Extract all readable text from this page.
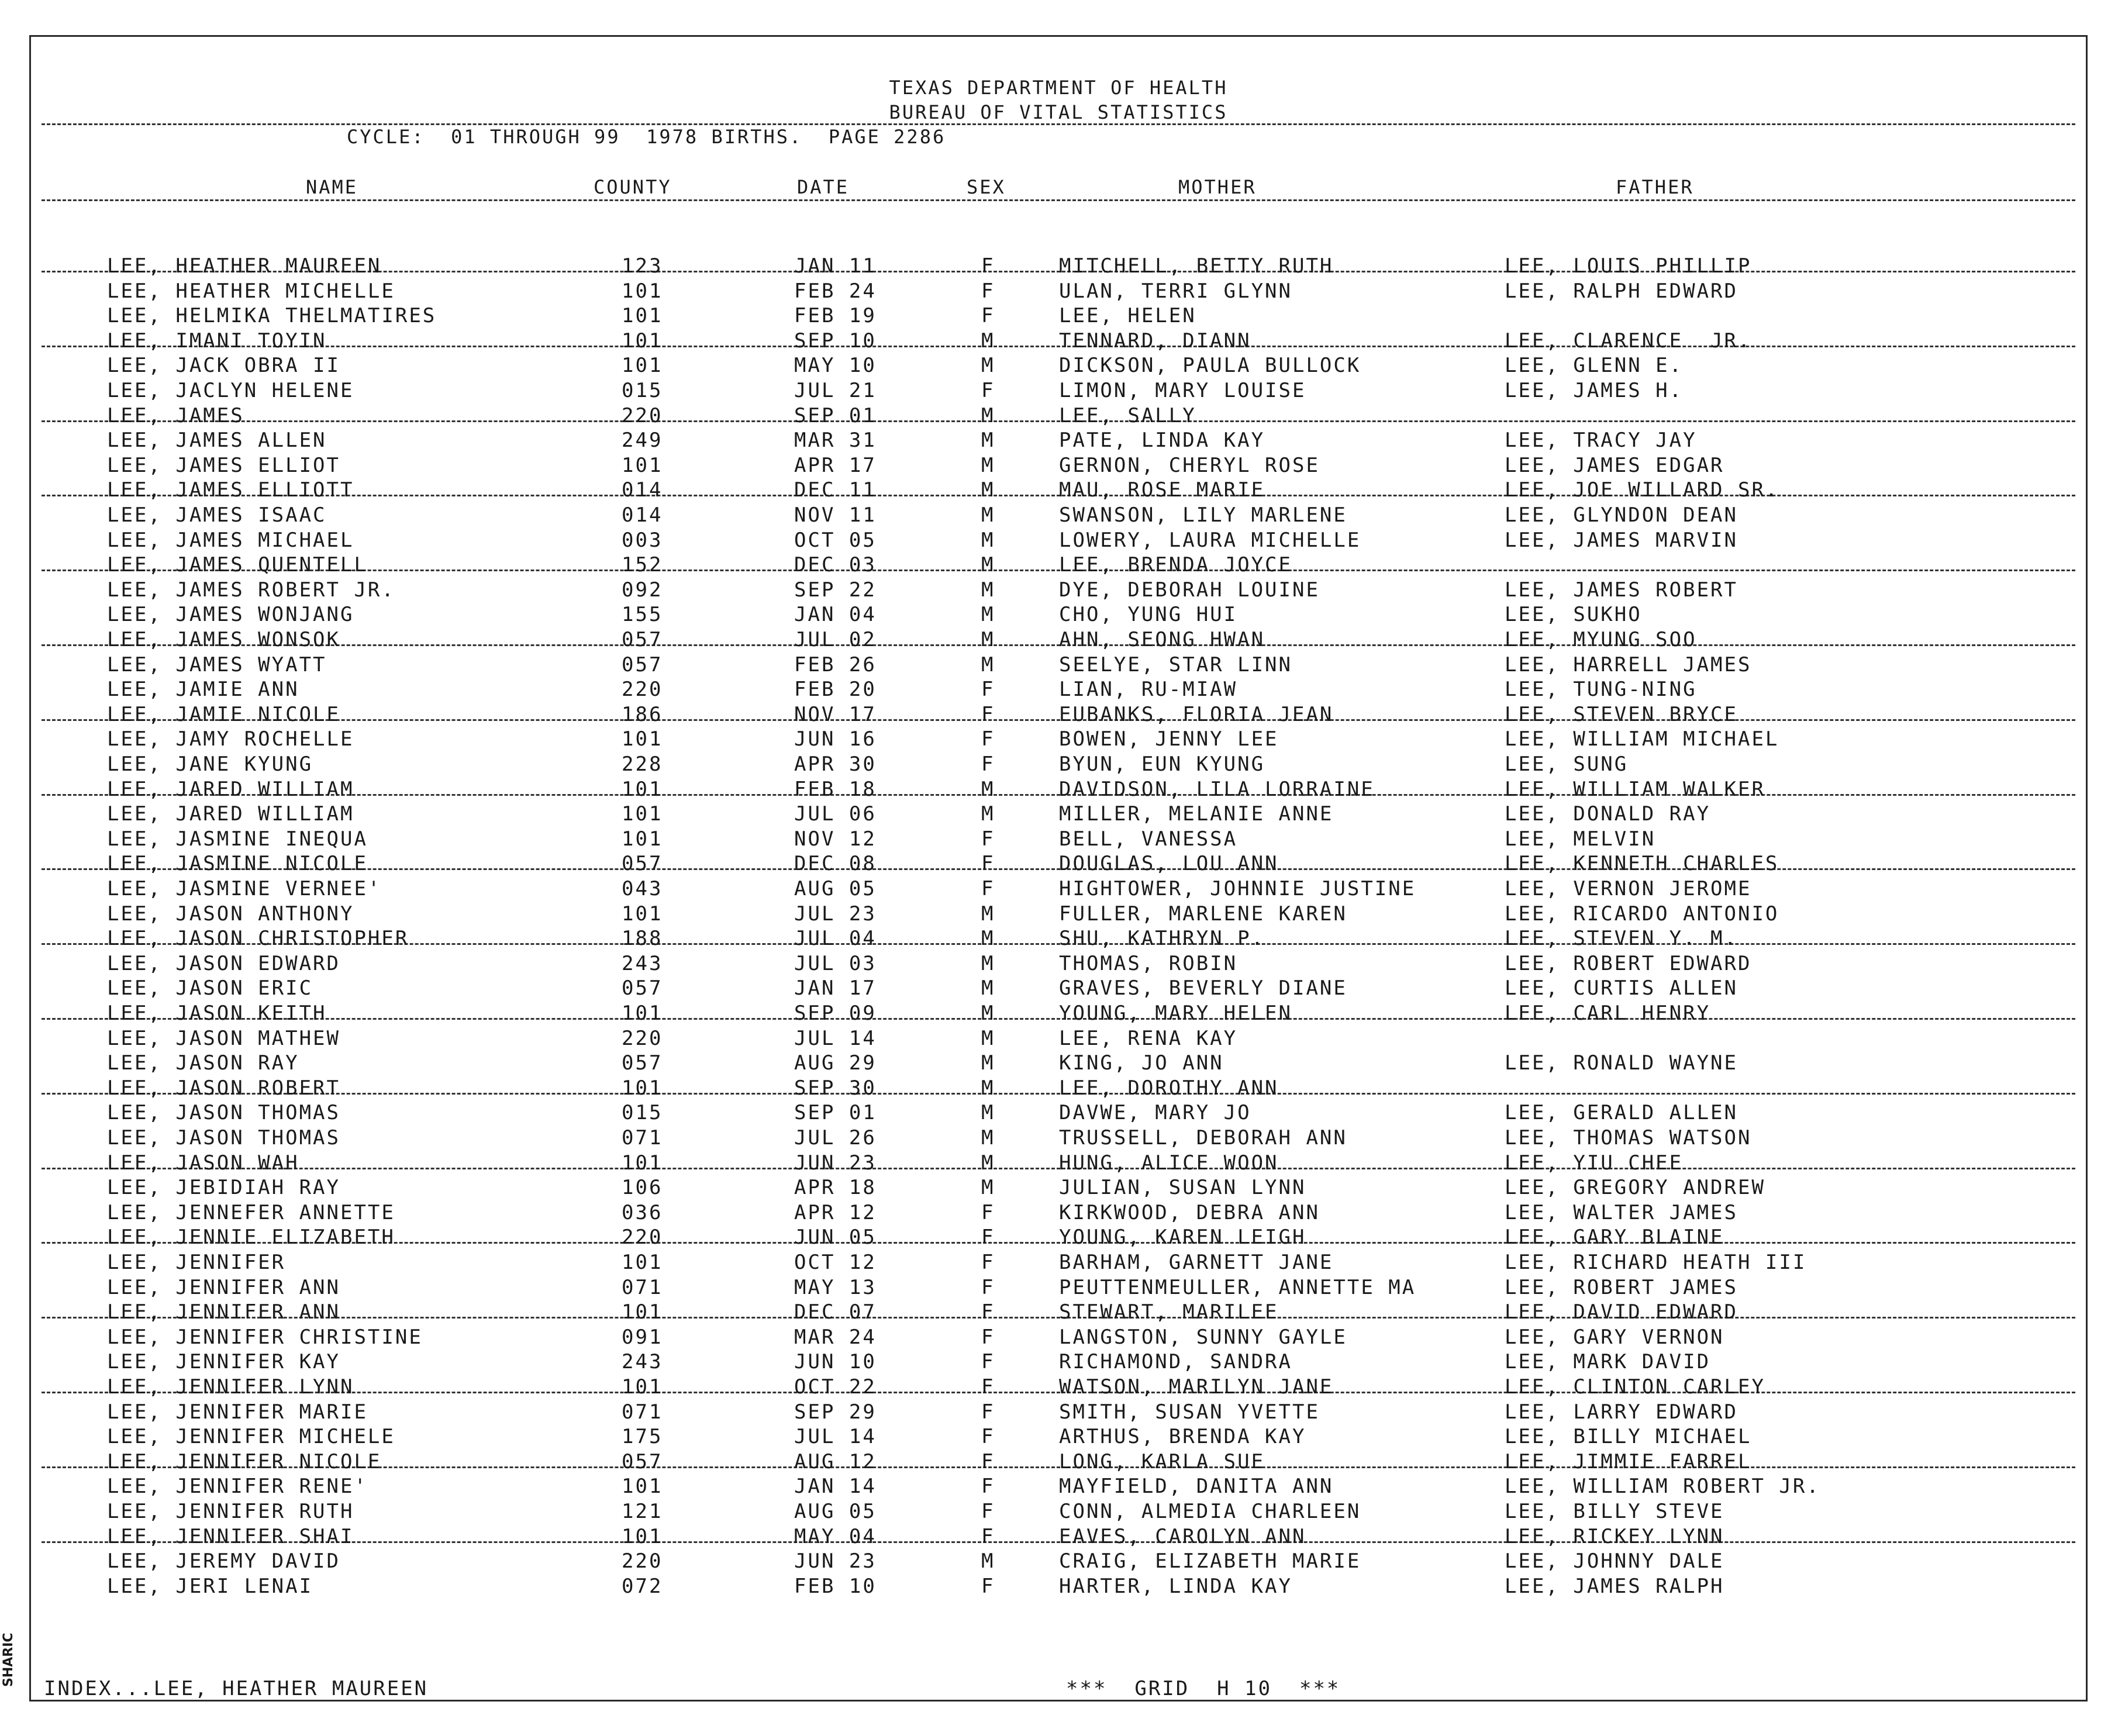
TEXAS DEPARTMENT OF HEALTH
BUREAU OF VITAL STATISTICS
CYCLE:  01 THROUGH 99  1978 BIRTHS.  PAGE 2286
NAME	COUNTY	DATE	SEX	MOTHER	FATHER
LEE, HEATHER MAUREEN	123	JAN 11	F	MITCHELL, BETTY RUTH	LEE, LOUIS PHILLIP
LEE, HEATHER MICHELLE	101	FEB 24	F	ULAN, TERRI GLYNN	LEE, RALPH EDWARD
LEE, HELMIKA THELMATIRES	101	FEB 19	F	LEE, HELEN
LEE, IMANI TOYIN	101	SEP 10	M	TENNARD, DIANN	LEE, CLARENCE  JR.
LEE, JACK OBRA II	101	MAY 10	M	DICKSON, PAULA BULLOCK	LEE, GLENN E.
LEE, JACLYN HELENE	015	JUL 21	F	LIMON, MARY LOUISE	LEE, JAMES H.
LEE, JAMES	220	SEP 01	M	LEE, SALLY
LEE, JAMES ALLEN	249	MAR 31	M	PATE, LINDA KAY	LEE, TRACY JAY
LEE, JAMES ELLIOT	101	APR 17	M	GERNON, CHERYL ROSE	LEE, JAMES EDGAR
LEE, JAMES ELLIOTT	014	DEC 11	M	MAU, ROSE MARIE	LEE, JOE WILLARD SR.
LEE, JAMES ISAAC	014	NOV 11	M	SWANSON, LILY MARLENE	LEE, GLYNDON DEAN
LEE, JAMES MICHAEL	003	OCT 05	M	LOWERY, LAURA MICHELLE	LEE, JAMES MARVIN
LEE, JAMES QUENTELL	152	DEC 03	M	LEE, BRENDA JOYCE
LEE, JAMES ROBERT JR.	092	SEP 22	M	DYE, DEBORAH LOUINE	LEE, JAMES ROBERT
LEE, JAMES WONJANG	155	JAN 04	M	CHO, YUNG HUI	LEE, SUKHO
LEE, JAMES WONSOK	057	JUL 02	M	AHN, SEONG HWAN	LEE, MYUNG SOO
LEE, JAMES WYATT	057	FEB 26	M	SEELYE, STAR LINN	LEE, HARRELL JAMES
LEE, JAMIE ANN	220	FEB 20	F	LIAN, RU-MIAW	LEE, TUNG-NING
LEE, JAMIE NICOLE	186	NOV 17	F	EUBANKS, FLORIA JEAN	LEE, STEVEN BRYCE
LEE, JAMY ROCHELLE	101	JUN 16	F	BOWEN, JENNY LEE	LEE, WILLIAM MICHAEL
LEE, JANE KYUNG	228	APR 30	F	BYUN, EUN KYUNG	LEE, SUNG
LEE, JARED WILLIAM	101	FEB 18	M	DAVIDSON, LILA LORRAINE	LEE, WILLIAM WALKER
LEE, JARED WILLIAM	101	JUL 06	M	MILLER, MELANIE ANNE	LEE, DONALD RAY
LEE, JASMINE INEQUA	101	NOV 12	F	BELL, VANESSA	LEE, MELVIN
LEE, JASMINE NICOLE	057	DEC 08	F	DOUGLAS, LOU ANN	LEE, KENNETH CHARLES
LEE, JASMINE VERNEE'	043	AUG 05	F	HIGHTOWER, JOHNNIE JUSTINE	LEE, VERNON JEROME
LEE, JASON ANTHONY	101	JUL 23	M	FULLER, MARLENE KAREN	LEE, RICARDO ANTONIO
LEE, JASON CHRISTOPHER	188	JUL 04	M	SHU, KATHRYN P.	LEE, STEVEN Y. M.
LEE, JASON EDWARD	243	JUL 03	M	THOMAS, ROBIN	LEE, ROBERT EDWARD
LEE, JASON ERIC	057	JAN 17	M	GRAVES, BEVERLY DIANE	LEE, CURTIS ALLEN
LEE, JASON KEITH	101	SEP 09	M	YOUNG, MARY HELEN	LEE, CARL HENRY
LEE, JASON MATHEW	220	JUL 14	M	LEE, RENA KAY
LEE, JASON RAY	057	AUG 29	M	KING, JO ANN	LEE, RONALD WAYNE
LEE, JASON ROBERT	101	SEP 30	M	LEE, DOROTHY ANN
LEE, JASON THOMAS	015	SEP 01	M	DAVWE, MARY JO	LEE, GERALD ALLEN
LEE, JASON THOMAS	071	JUL 26	M	TRUSSELL, DEBORAH ANN	LEE, THOMAS WATSON
LEE, JASON WAH	101	JUN 23	M	HUNG, ALICE WOON	LEE, YIU CHEE
LEE, JEBIDIAH RAY	106	APR 18	M	JULIAN, SUSAN LYNN	LEE, GREGORY ANDREW
LEE, JENNEFER ANNETTE	036	APR 12	F	KIRKWOOD, DEBRA ANN	LEE, WALTER JAMES
LEE, JENNIE ELIZABETH	220	JUN 05	F	YOUNG, KAREN LEIGH	LEE, GARY BLAINE
LEE, JENNIFER	101	OCT 12	F	BARHAM, GARNETT JANE	LEE, RICHARD HEATH III
LEE, JENNIFER ANN	071	MAY 13	F	PEUTTENMEULLER, ANNETTE MA	LEE, ROBERT JAMES
LEE, JENNIFER ANN	101	DEC 07	F	STEWART, MARILEE	LEE, DAVID EDWARD
LEE, JENNIFER CHRISTINE	091	MAR 24	F	LANGSTON, SUNNY GAYLE	LEE, GARY VERNON
LEE, JENNIFER KAY	243	JUN 10	F	RICHAMOND, SANDRA	LEE, MARK DAVID
LEE, JENNIFER LYNN	101	OCT 22	F	WATSON, MARILYN JANE	LEE, CLINTON CARLEY
LEE, JENNIFER MARIE	071	SEP 29	F	SMITH, SUSAN YVETTE	LEE, LARRY EDWARD
LEE, JENNIFER MICHELE	175	JUL 14	F	ARTHUS, BRENDA KAY	LEE, BILLY MICHAEL
LEE, JENNIFER NICOLE	057	AUG 12	F	LONG, KARLA SUE	LEE, JIMMIE FARREL
LEE, JENNIFER RENE'	101	JAN 14	F	MAYFIELD, DANITA ANN	LEE, WILLIAM ROBERT JR.
LEE, JENNIFER RUTH	121	AUG 05	F	CONN, ALMEDIA CHARLEEN	LEE, BILLY STEVE
LEE, JENNIFER SHAI	101	MAY 04	F	EAVES, CAROLYN ANN	LEE, RICKEY LYNN
LEE, JEREMY DAVID	220	JUN 23	M	CRAIG, ELIZABETH MARIE	LEE, JOHNNY DALE
LEE, JERI LENAI	072	FEB 10	F	HARTER, LINDA KAY	LEE, JAMES RALPH
INDEX...LEE, HEATHER MAUREEN	***  GRID  H 10  ***
SHARIC
